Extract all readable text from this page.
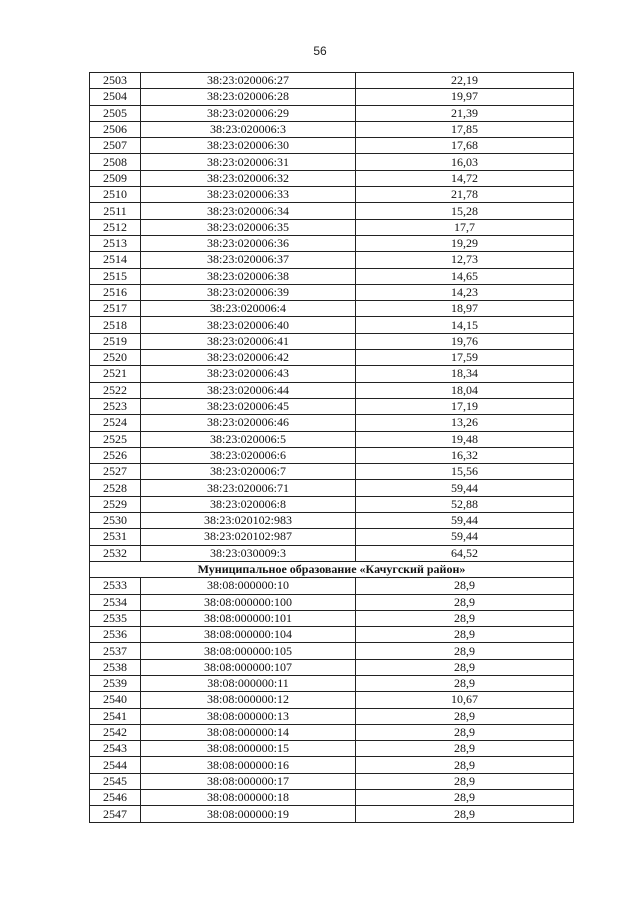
56
2503	38:23:020006:27	22,19
2504	38:23:020006:28	19,97
2505	38:23:020006:29	21,39
2506	38:23:020006:3	17,85
2507	38:23:020006:30	17,68
2508	38:23:020006:31	16,03
2509	38:23:020006:32	14,72
2510	38:23:020006:33	21,78
2511	38:23:020006:34	15,28
2512	38:23:020006:35	17,7
2513	38:23:020006:36	19,29
2514	38:23:020006:37	12,73
2515	38:23:020006:38	14,65
2516	38:23:020006:39	14,23
2517	38:23:020006:4	18,97
2518	38:23:020006:40	14,15
2519	38:23:020006:41	19,76
2520	38:23:020006:42	17,59
2521	38:23:020006:43	18,34
2522	38:23:020006:44	18,04
2523	38:23:020006:45	17,19
2524	38:23:020006:46	13,26
2525	38:23:020006:5	19,48
2526	38:23:020006:6	16,32
2527	38:23:020006:7	15,56
2528	38:23:020006:71	59,44
2529	38:23:020006:8	52,88
2530	38:23:020102:983	59,44
2531	38:23:020102:987	59,44
2532	38:23:030009:3	64,52
Муниципальное образование «Качугский район»		
2533	38:08:000000:10	28,9
2534	38:08:000000:100	28,9
2535	38:08:000000:101	28,9
2536	38:08:000000:104	28,9
2537	38:08:000000:105	28,9
2538	38:08:000000:107	28,9
2539	38:08:000000:11	28,9
2540	38:08:000000:12	10,67
2541	38:08:000000:13	28,9
2542	38:08:000000:14	28,9
2543	38:08:000000:15	28,9
2544	38:08:000000:16	28,9
2545	38:08:000000:17	28,9
2546	38:08:000000:18	28,9
2547	38:08:000000:19	28,9
